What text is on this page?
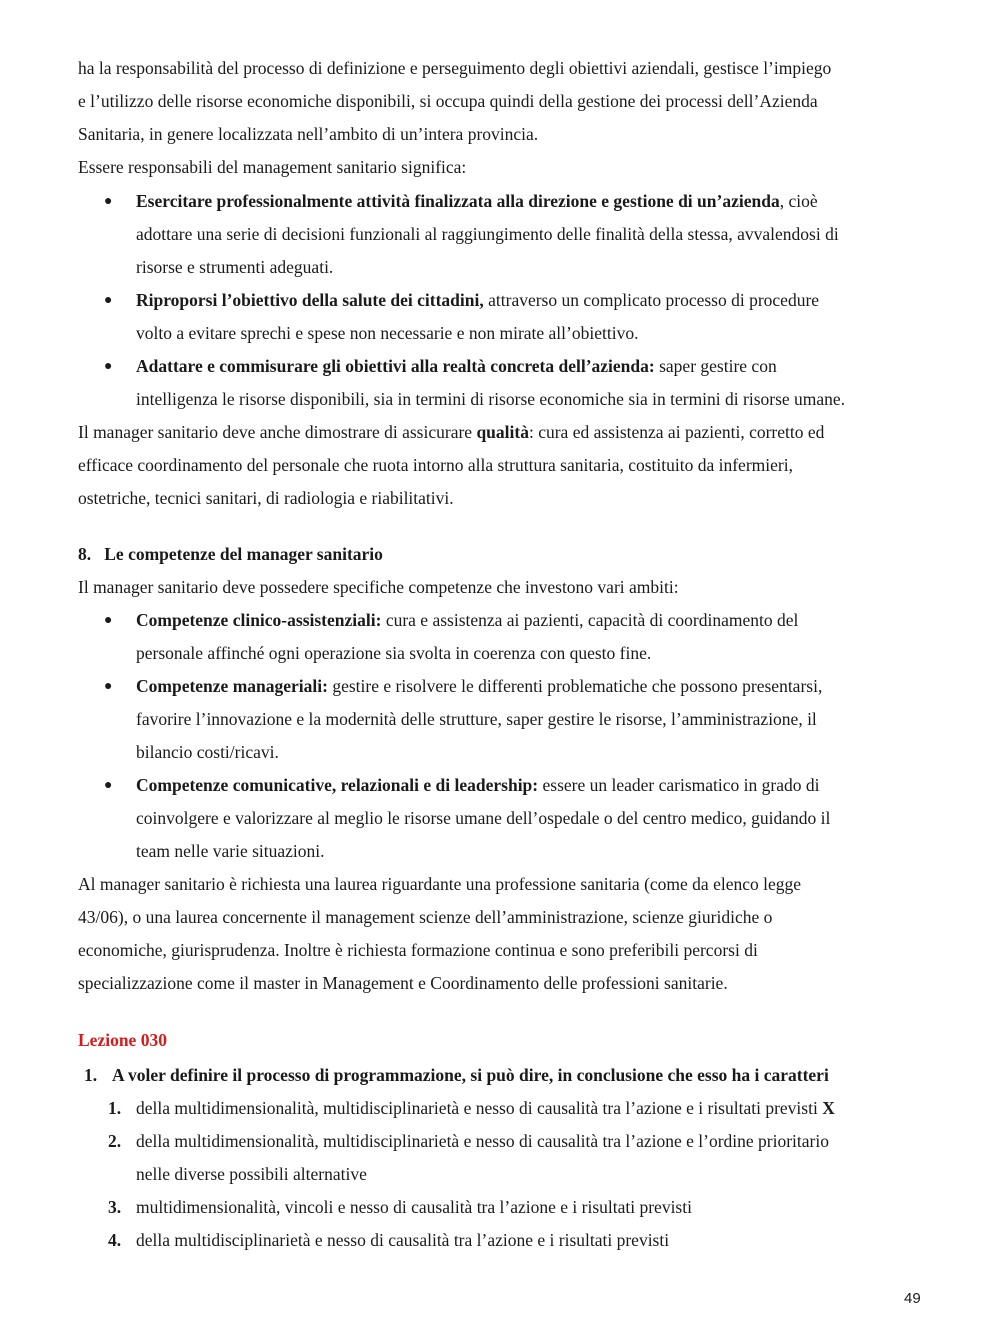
ha la responsabilità del processo di definizione e perseguimento degli obiettivi aziendali, gestisce l’impiego

e l’utilizzo delle risorse economiche disponibili, si occupa quindi della gestione dei processi dell’Azienda

Sanitaria, in genere localizzata nell’ambito di un’intera provincia.

Essere responsabili del management sanitario significa:

● Esercitare professionalmente attività finalizzata alla direzione e gestione di un’azienda, cioè

adottare una serie di decisioni funzionali al raggiungimento delle finalità della stessa, avvalendosi di

risorse e strumenti adeguati.

● Riproporsi l’obiettivo della salute dei cittadini, attraverso un complicato processo di procedure

volto a evitare sprechi e spese non necessarie e non mirate all’obiettivo.

● Adattare e commisurare gli obiettivi alla realtà concreta dell’azienda: saper gestire con

intelligenza le risorse disponibili, sia in termini di risorse economiche sia in termini di risorse umane.

Il manager sanitario deve anche dimostrare di assicurare qualità: cura ed assistenza ai pazienti, corretto ed

efficace coordinamento del personale che ruota intorno alla struttura sanitaria, costituito da infermieri,

ostetriche, tecnici sanitari, di radiologia e riabilitativi.

8.   Le competenze del manager sanitario

Il manager sanitario deve possedere specifiche competenze che investono vari ambiti:

● Competenze clinico-assistenziali: cura e assistenza ai pazienti, capacità di coordinamento del

personale affinché ogni operazione sia svolta in coerenza con questo fine.

● Competenze manageriali: gestire e risolvere le differenti problematiche che possono presentarsi,

favorire l’innovazione e la modernità delle strutture, saper gestire le risorse, l’amministrazione, il

bilancio costi/ricavi.

● Competenze comunicative, relazionali e di leadership: essere un leader carismatico in grado di

coinvolgere e valorizzare al meglio le risorse umane dell’ospedale o del centro medico, guidando il

team nelle varie situazioni.

Al manager sanitario è richiesta una laurea riguardante una professione sanitaria (come da elenco legge

43/06), o una laurea concernente il management scienze dell’amministrazione, scienze giuridiche o

economiche, giurisprudenza. Inoltre è richiesta formazione continua e sono preferibili percorsi di

specializzazione come il master in Management e Coordinamento delle professioni sanitarie.

Lezione 030

1. A voler definire il processo di programmazione, si può dire, in conclusione che esso ha i caratteri

1. della multidimensionalità, multidisciplinarietà e nesso di causalità tra l’azione e i risultati previsti X

2. della multidimensionalità, multidisciplinarietà e nesso di causalità tra l’azione e l’ordine prioritario

nelle diverse possibili alternative

3. multidimensionalità, vincoli e nesso di causalità tra l’azione e i risultati previsti

4. della multidisciplinarietà e nesso di causalità tra l’azione e i risultati previsti

49
